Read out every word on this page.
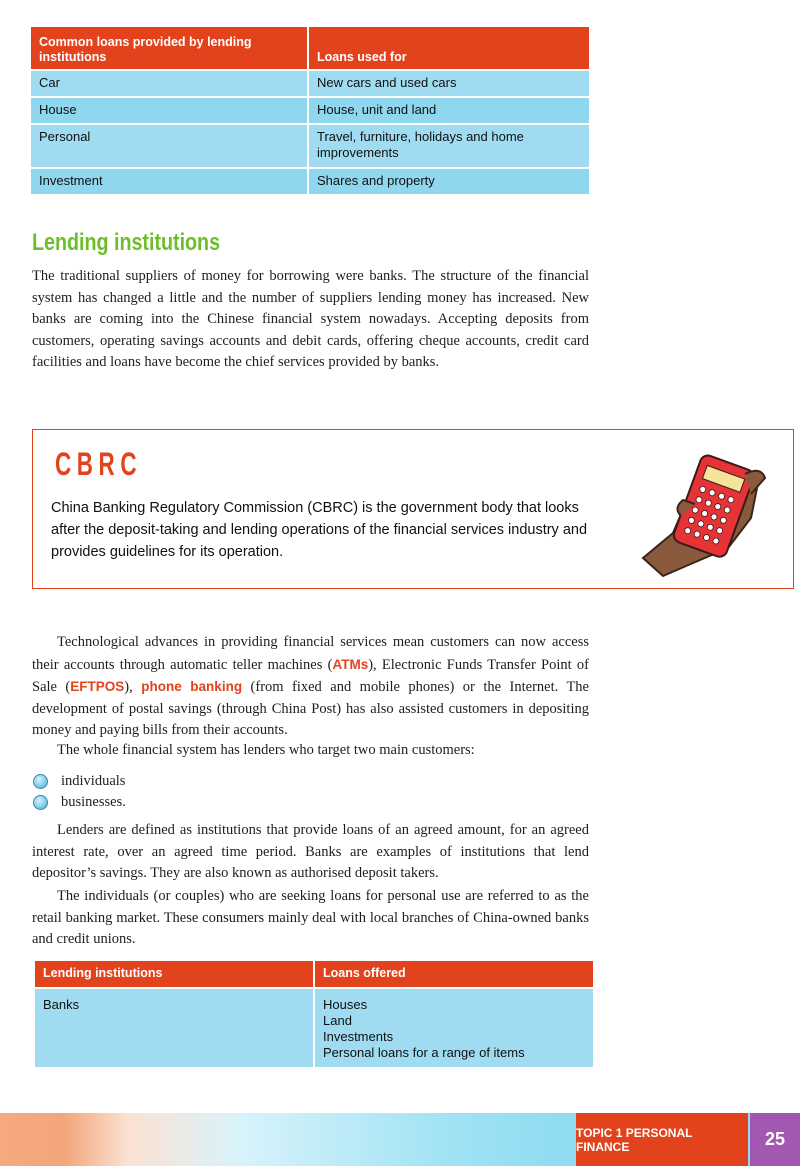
Common loans provided by lending institutions	Loans used for
Car	New cars and used cars
House	House, unit and land
Personal	Travel, furniture, holidays and home improvements
Investment	Shares and property
Lending institutions

The traditional suppliers of money for borrowing were banks. The structure of the financial system has changed a little and the number of suppliers lending money has increased. New banks are coming into the Chinese financial system nowadays. Accepting deposits from customers, operating savings accounts and debit cards, offering cheque accounts, credit card facilities and loans have become the chief services provided by banks.

CBRC

China Banking Regulatory Commission (CBRC) is the government body that looks after the deposit-taking and lending operations of the financial services industry and provides guidelines for its operation.

Technological advances in providing financial services mean customers can now access their accounts through automatic teller machines (ATMs), Electronic Funds Transfer Point of Sale (EFTPOS), phone banking (from fixed and mobile phones) or the Internet. The development of postal savings (through China Post) has also assisted customers in depositing money and paying bills from their accounts.

The whole financial system has lenders who target two main customers:

individuals
businesses.

Lenders are defined as institutions that provide loans of an agreed amount, for an agreed interest rate, over an agreed time period. Banks are examples of institutions that lend depositor’s savings. They are also known as authorised deposit takers.

The individuals (or couples) who are seeking loans for personal use are referred to as the retail banking market. These consumers mainly deal with local branches of China-owned banks and credit unions.

Lending institutions	Loans offered
Banks	Houses
Land
Investments
Personal loans for a range of items
TOPIC 1 PERSONAL FINANCE	25
